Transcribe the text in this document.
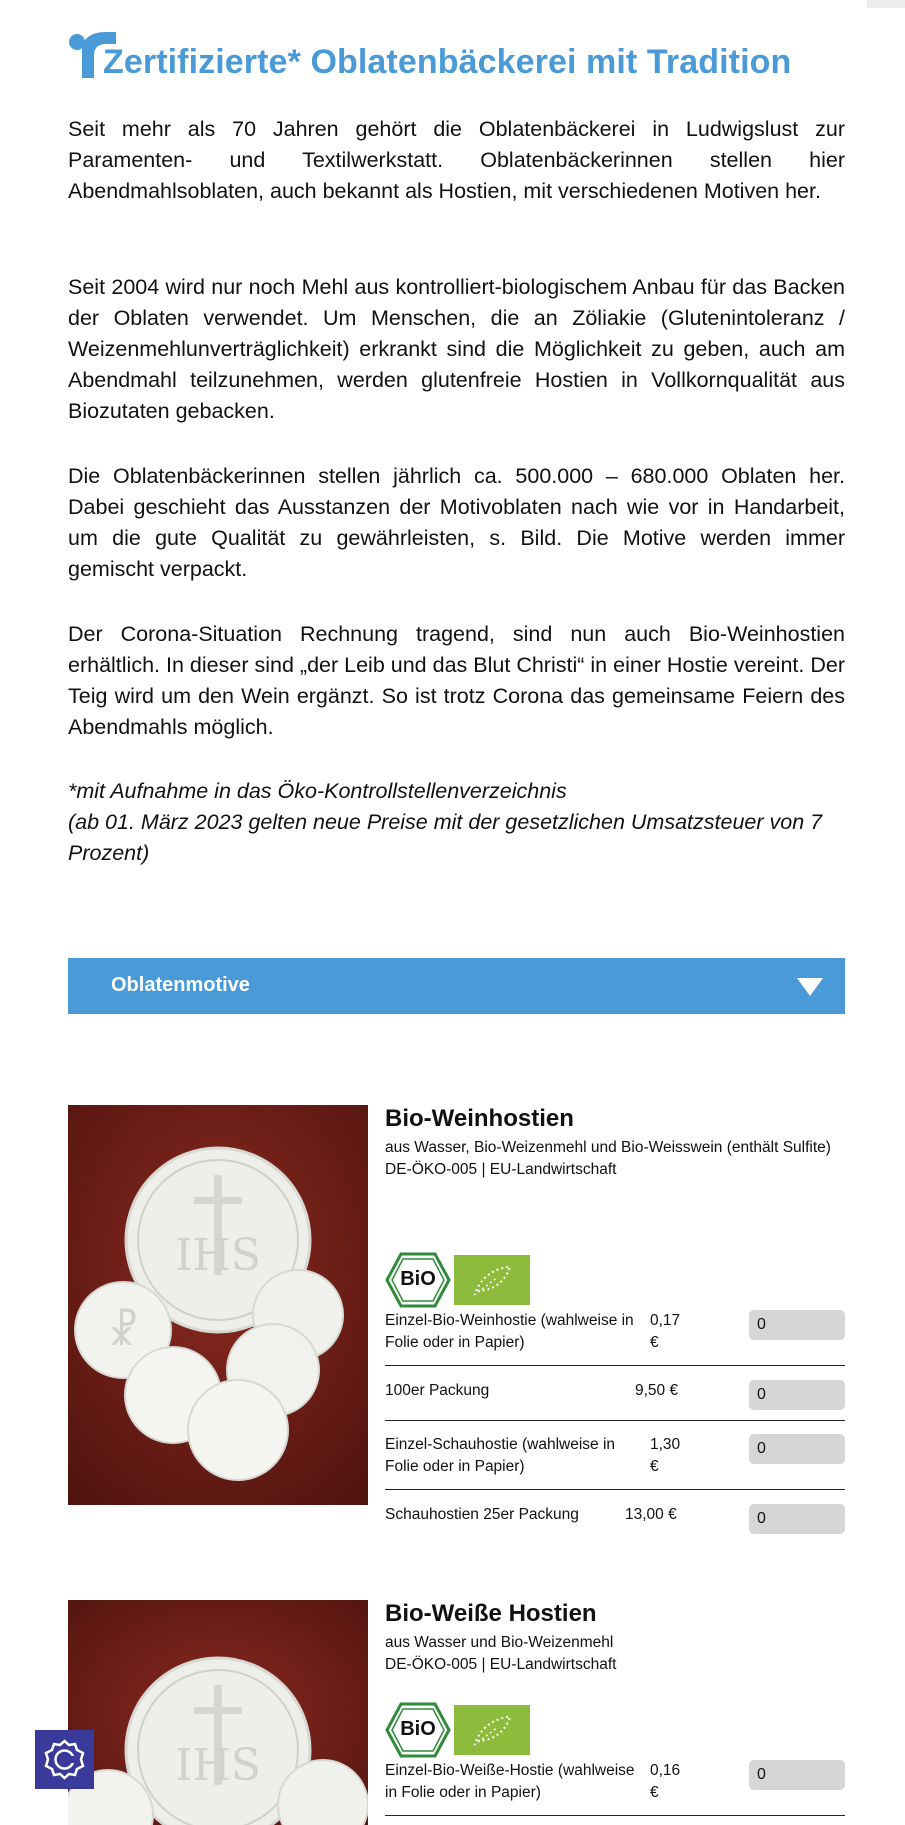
Zertifizierte* Oblatenbäckerei mit Tradition

Seit mehr als 70 Jahren gehört die Oblatenbäckerei in Ludwigslust zur Paramenten- und Textilwerkstatt. Oblatenbäckerinnen stellen hier Abendmahlsoblaten, auch bekannt als Hostien, mit verschiedenen Motiven her.

Seit 2004 wird nur noch Mehl aus kontrolliert-biologischem Anbau für das Backen der Oblaten verwendet. Um Menschen, die an Zöliakie (Glutenintoleranz / Weizenmehlunverträglichkeit) erkrankt sind die Möglichkeit zu geben, auch am Abendmahl teilzunehmen, werden glutenfreie Hostien in Vollkornqualität aus Biozutaten gebacken.

Die Oblatenbäckerinnen stellen jährlich ca. 500.000 – 680.000 Oblaten her. Dabei geschieht das Ausstanzen der Motivoblaten nach wie vor in Handarbeit, um die gute Qualität zu gewährleisten, s. Bild. Die Motive werden immer gemischt verpackt.

Der Corona-Situation Rechnung tragend, sind nun auch Bio-Weinhostien erhältlich. In dieser sind „der Leib und das Blut Christi“ in einer Hostie vereint. Der Teig wird um den Wein ergänzt. So ist trotz Corona das gemeinsame Feiern des Abendmahls möglich.

*mit Aufnahme in das Öko-Kontrollstellenverzeichnis

(ab 01. März 2023 gelten neue Preise mit der gesetzlichen Umsatzsteuer von 7 Prozent)

Oblatenmotive
IHS
☧
Bio-Weinhostien
aus Wasser, Bio-Weizenmehl und Bio-Weisswein (enthält Sulfite)
DE-ÖKO-005 | EU-Landwirtschaft
BiO
Einzel-Bio-Weinhostie (wahlweise in Folie oder in Papier)
0,17 €
0
100er Packung	9,50 €
0
Einzel-Schauhostie (wahlweise in Folie oder in Papier)
1,30 €
0
Schauhostien 25er Packung	13,00 €
0
IHS
Bio-Weiße Hostien
aus Wasser und Bio-Weizenmehl
DE-ÖKO-005 | EU-Landwirtschaft
BiO
Einzel-Bio-Weiße-Hostie (wahlweise in Folie oder in Papier)
0,16 €
0
